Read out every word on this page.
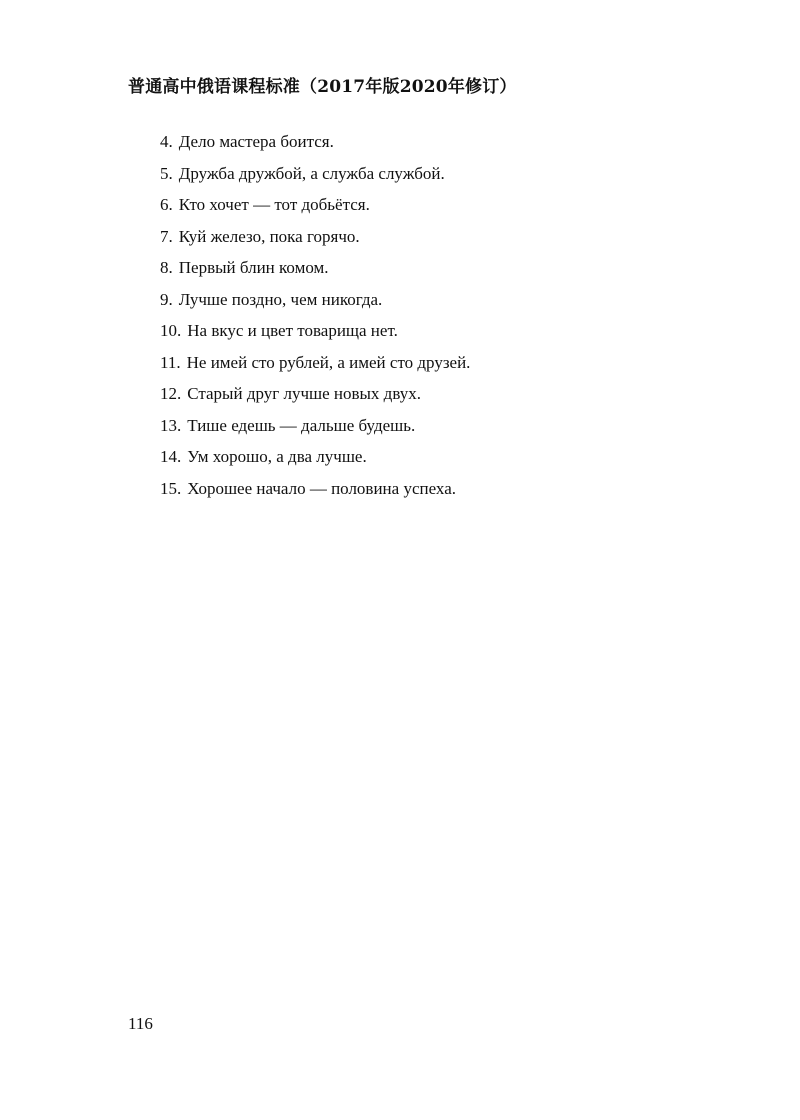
普通高中俄语课程标准（2017年版2020年修订）
4. Дело мастера боится.
5. Дружба дружбой, а служба службой.
6. Кто хочет — тот добьётся.
7. Куй железо, пока горячо.
8. Первый блин комом.
9. Лучше поздно, чем никогда.
10. На вкус и цвет товарища нет.
11. Не имей сто рублей, а имей сто друзей.
12. Старый друг лучше новых двух.
13. Тише едешь — дальше будешь.
14. Ум хорошо, а два лучше.
15. Хорошее начало — половина успеха.
116
